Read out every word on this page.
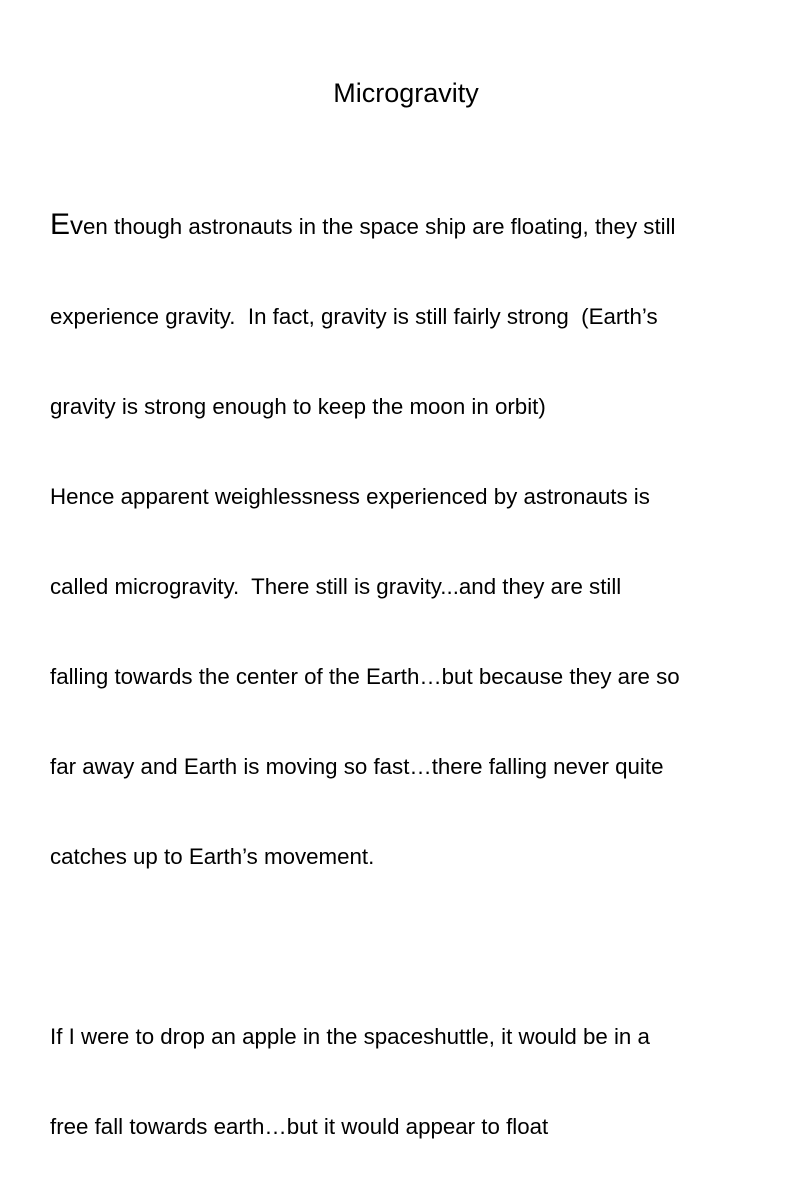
Microgravity

Even though astronauts in the space ship are floating, they still

experience gravity.  In fact, gravity is still fairly strong  (Earth’s

gravity is strong enough to keep the moon in orbit)

Hence apparent weighlessness experienced by astronauts is

called microgravity.  There still is gravity...and they are still

falling towards the center of the Earth…but because they are so

far away and Earth is moving so fast…there falling never quite

catches up to Earth’s movement.

If I were to drop an apple in the spaceshuttle, it would be in a

free fall towards earth…but it would appear to float
